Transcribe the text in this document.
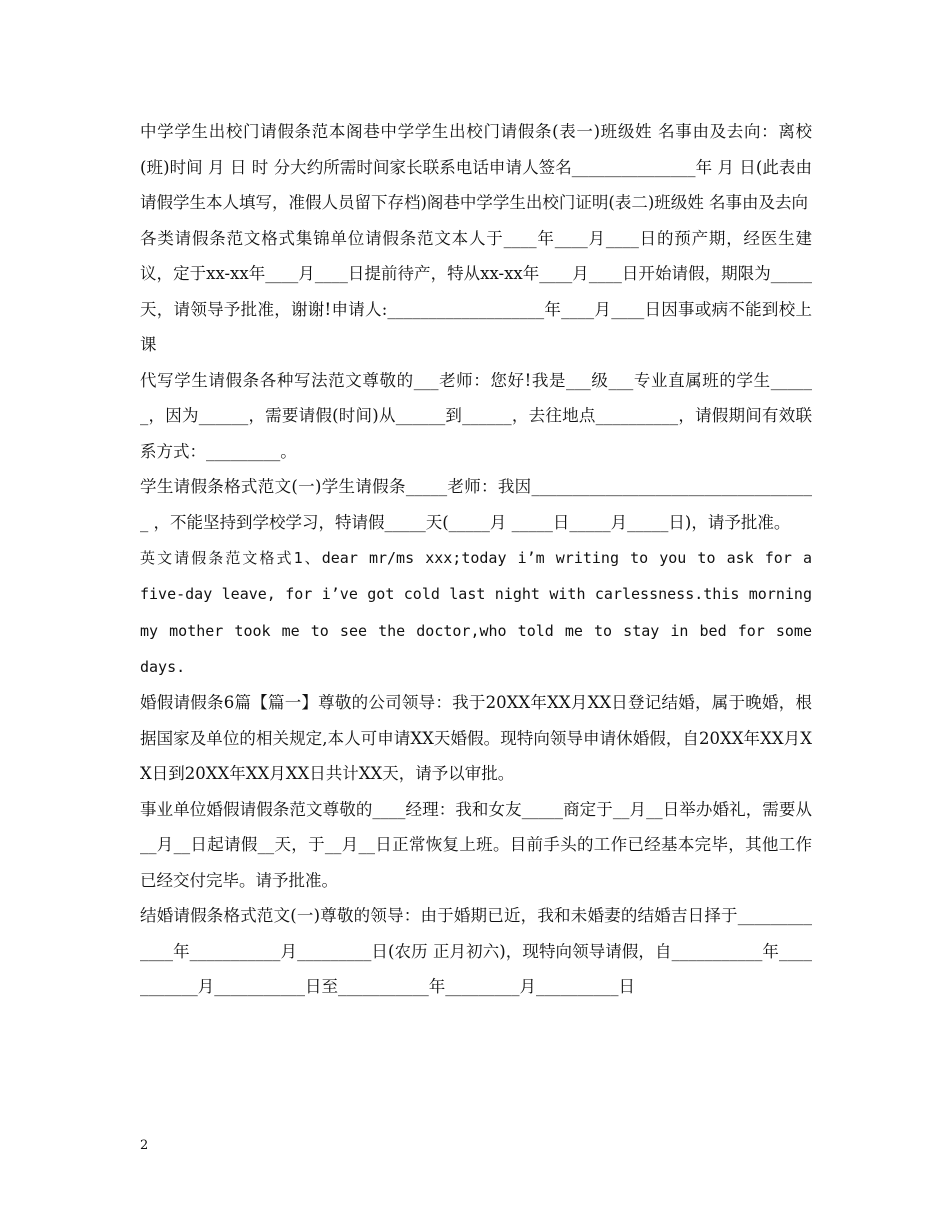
中学学生出校门请假条范本阁巷中学学生出校门请假条(表一)班级姓 名事由及去向：离校(班)时间 月 日 时 分大约所需时间家长联系电话申请人签名_______________年 月 日(此表由请假学生本人填写，准假人员留下存档)阁巷中学学生出校门证明(表二)班级姓 名事由及去向

各类请假条范文格式集锦单位请假条范文本人于____年____月____日的预产期，经医生建议，定于xx-xx年____月____日提前待产，特从xx-xx年____月____日开始请假，期限为_____天，请领导予批准，谢谢!申请人:___________________年____月____日因事或病不能到校上课

代写学生请假条各种写法范文尊敬的___老师：您好!我是___级___专业直属班的学生______，因为______，需要请假(时间)从______到______，去往地点__________，请假期间有效联系方式：_________。

学生请假条格式范文(一)学生请假条_____老师：我因___________________________________ ，不能坚持到学校学习，特请假_____天(_____月 _____日_____月_____日)，请予批准。

英文请假条范文格式1、dear mr/ms xxx;today i’m writing to you to ask for a five-day leave, for i’ve got cold last night with carlessness.this morning my mother took me to see the doctor,who told me to stay in bed for some days.

婚假请假条6篇【篇一】尊敬的公司领导：我于20XX年XX月XX日登记结婚，属于晚婚，根据国家及单位的相关规定,本人可申请XX天婚假。现特向领导申请休婚假，自20XX年XX月XX日到20XX年XX月XX日共计XX天，请予以审批。

事业单位婚假请假条范文尊敬的____经理：我和女友_____商定于__月__日举办婚礼，需要从__月__日起请假__天，于__月__日正常恢复上班。目前手头的工作已经基本完毕，其他工作已经交付完毕。请予批准。

结婚请假条格式范文(一)尊敬的领导：由于婚期已近，我和未婚妻的结婚吉日择于_____________年___________月_________日(农历 正月初六)，现特向领导请假，自___________年___________月___________日至___________年_________月__________日

2
